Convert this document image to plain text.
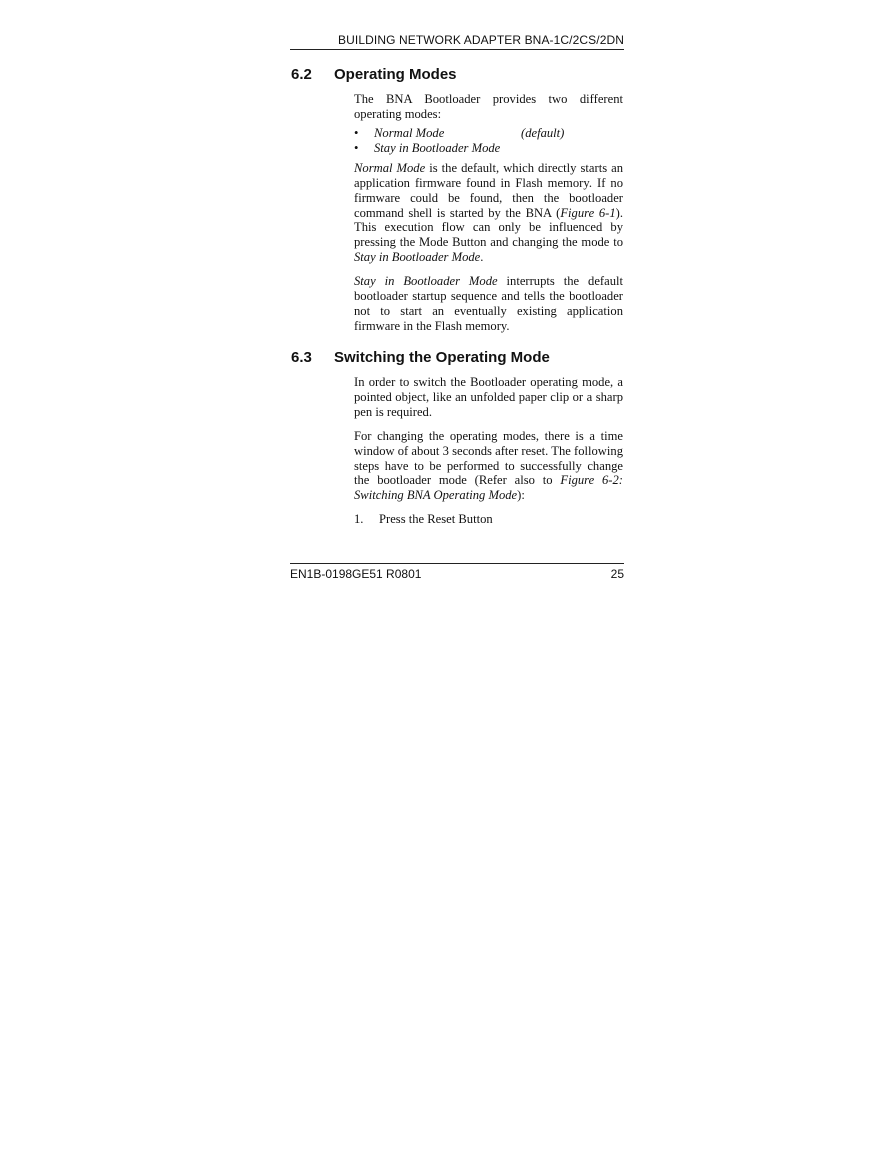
BUILDING NETWORK ADAPTER BNA-1C/2CS/2DN
6.2 Operating Modes

The BNA Bootloader provides two different operating modes:

• Normal Mode	(default)
• Stay in Bootloader Mode

Normal Mode is the default, which directly starts an application firmware found in Flash memory. If no firmware could be found, then the bootloader command shell is started by the BNA (Figure 6-1). This execution flow can only be influenced by pressing the Mode Button and changing the mode to Stay in Bootloader Mode.

Stay in Bootloader Mode interrupts the default bootloader startup sequence and tells the bootloader not to start an eventually existing application firmware in the Flash memory.

6.3 Switching the Operating Mode

In order to switch the Bootloader operating mode, a pointed object, like an unfolded paper clip or a sharp pen is required.

For changing the operating modes, there is a time window of about 3 seconds after reset. The following steps have to be performed to successfully change the bootloader mode (Refer also to Figure 6-2: Switching BNA Operating Mode):

1. Press the Reset Button
EN1B-0198GE51 R0801	25
